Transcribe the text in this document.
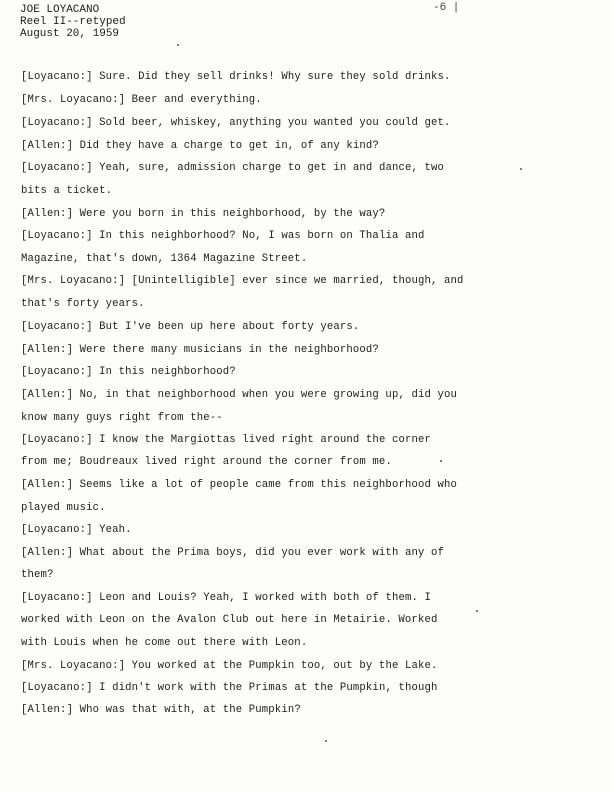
JOE LOYACANO
Reel II--retyped
August 20, 1959
-6 |
[Loyacano:] Sure. Did they sell drinks! Why sure they sold drinks.
[Mrs. Loyacano:] Beer and everything.
[Loyacano:] Sold beer, whiskey, anything you wanted you could get.
[Allen:] Did they have a charge to get in, of any kind?
[Loyacano:] Yeah, sure, admission charge to get in and dance, two
bits a ticket.
[Allen:] Were you born in this neighborhood, by the way?
[Loyacano:] In this neighborhood? No, I was born on Thalia and
Magazine, that's down, 1364 Magazine Street.
[Mrs. Loyacano:] [Unintelligible] ever since we married, though, and
that's forty years.
[Loyacano:] But I've been up here about forty years.
[Allen:] Were there many musicians in the neighborhood?
[Loyacano:] In this neighborhood?
[Allen:] No, in that neighborhood when you were growing up, did you
know many guys right from the--
[Loyacano:] I know the Margiottas lived right around the corner
from me; Boudreaux lived right around the corner from me.
[Allen:] Seems like a lot of people came from this neighborhood who
played music.
[Loyacano:] Yeah.
[Allen:] What about the Prima boys, did you ever work with any of
them?
[Loyacano:] Leon and Louis? Yeah, I worked with both of them. I
worked with Leon on the Avalon Club out here in Metairie. Worked
with Louis when he come out there with Leon.
[Mrs. Loyacano:] You worked at the Pumpkin too, out by the Lake.
[Loyacano:] I didn't work with the Primas at the Pumpkin, though
[Allen:] Who was that with, at the Pumpkin?
